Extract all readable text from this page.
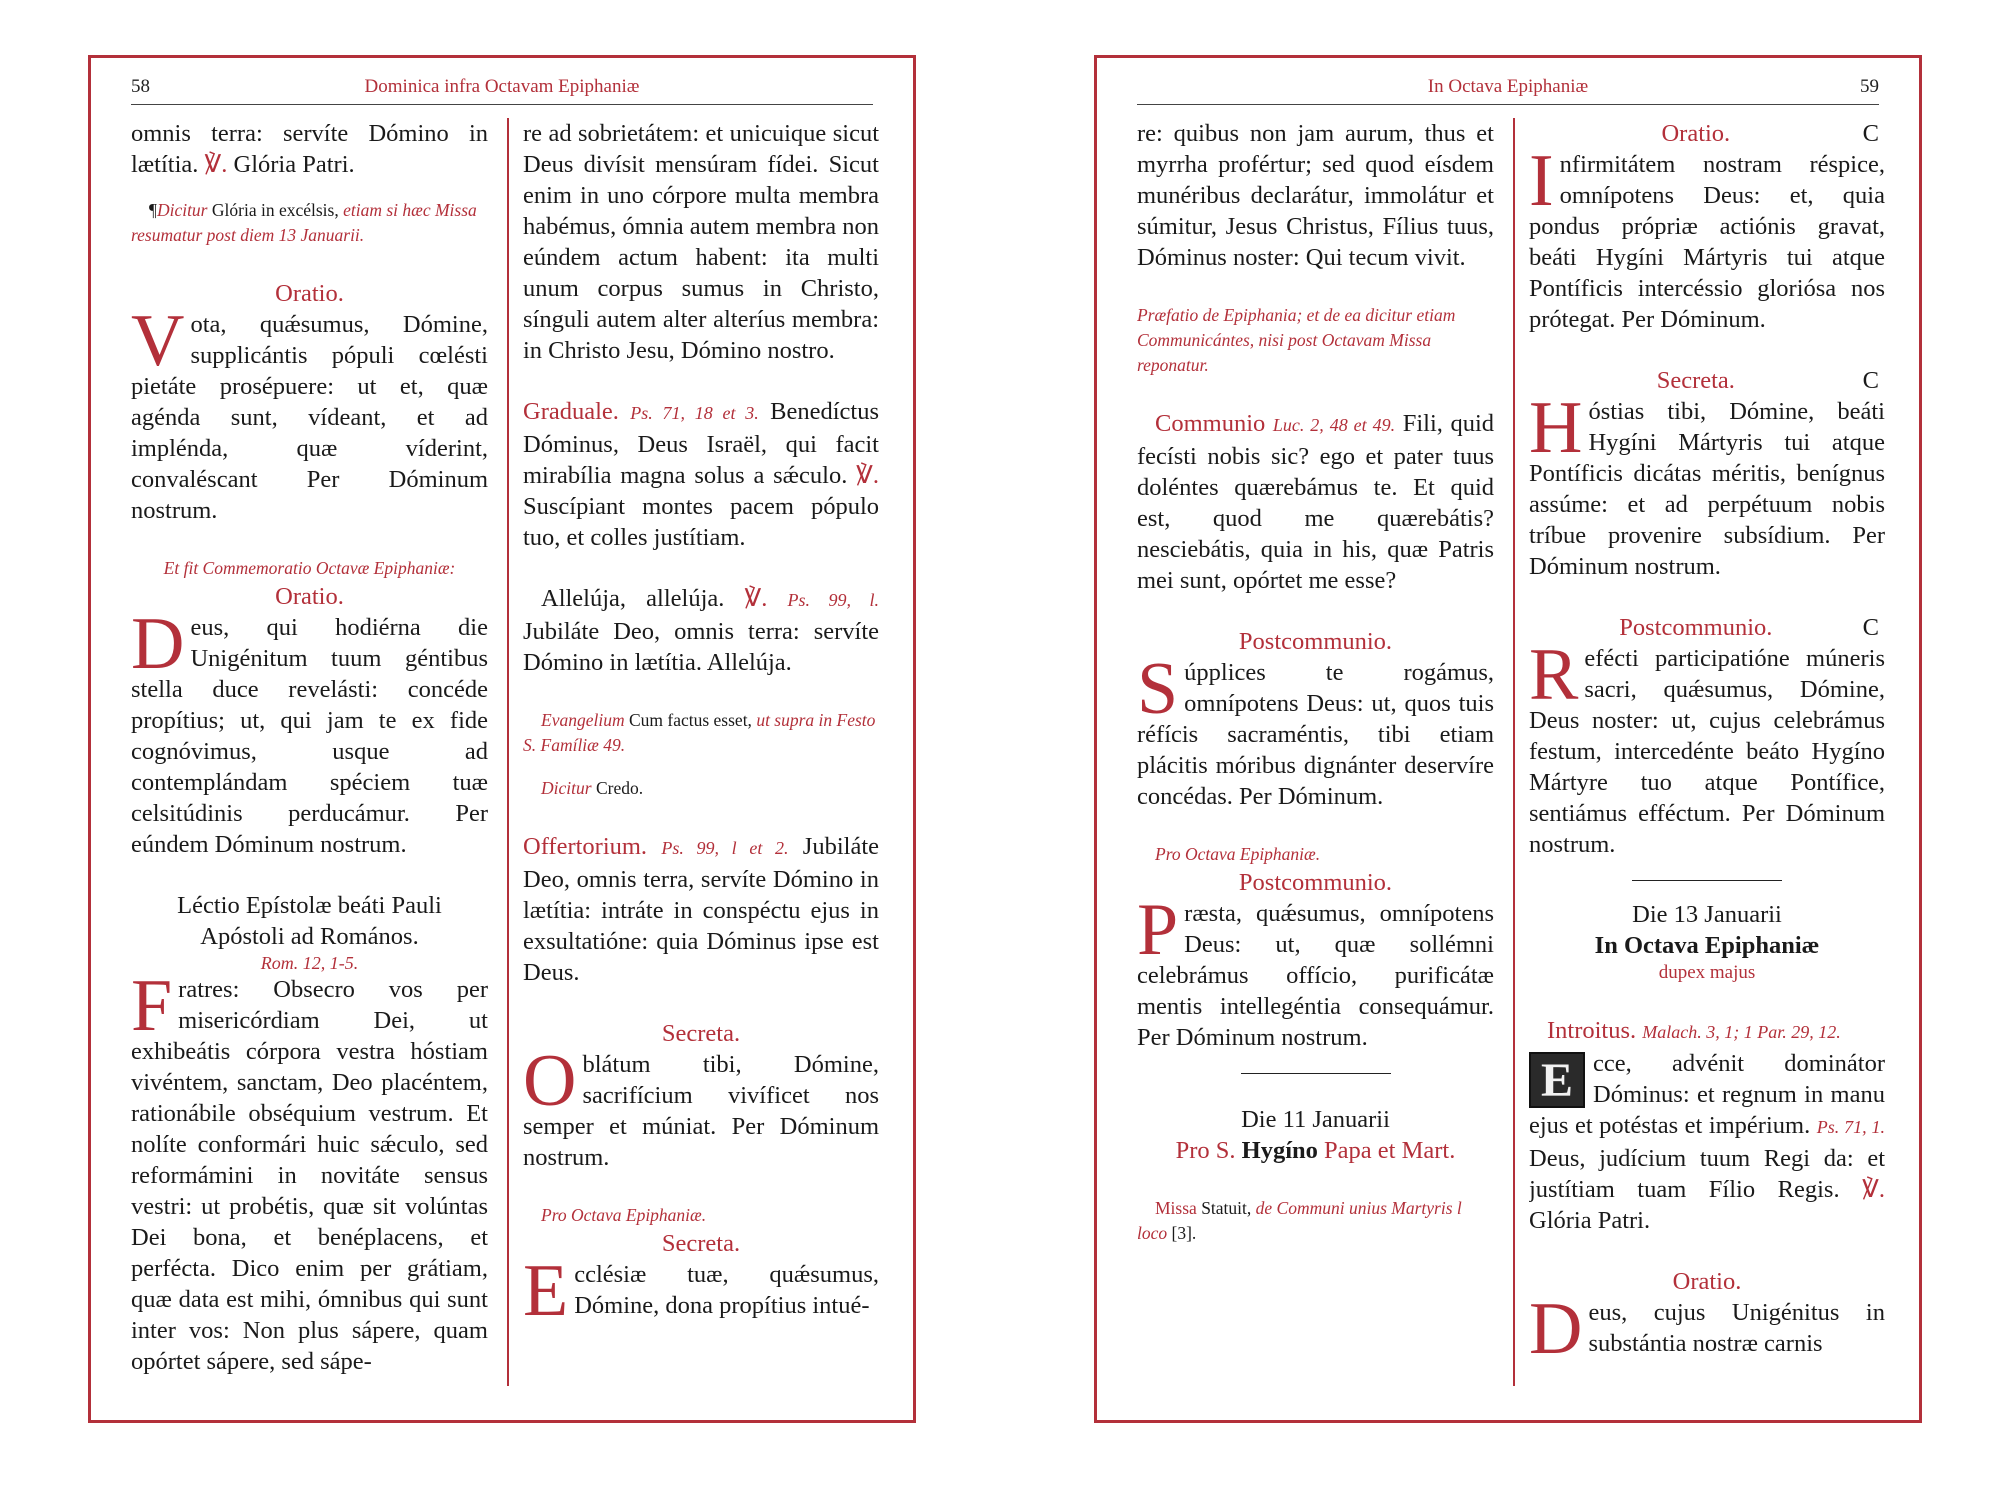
58	Dominica infra Octavam Epiphaniæ

omnis terra: servíte Dómino in lætítia. ℣. Glória Patri.

¶Dicitur Glória in excélsis, etiam si hæc Missa resumatur post diem 13 Januarii.

Oratio.

V ota, quǽsumus, Dómine, supplicántis pópuli cœlésti pietáte prosépuere: ut et, quæ agénda sunt, vídeant, et ad impléndа, quæ víderint, convaléscant Per Dóminum nostrum.

Et fit Commemoratio Octavæ Epiphaniæ:

Oratio.

D eus, qui hodiérna die Unigénitum tuum géntibus stella duce revelásti: concéde propítius; ut, qui jam te ex fide cognóvimus, usque ad contemplándam spéciem tuæ celsitúdinis perducámur. Per eúndem Dóminum nostrum.

Léctio Epístolæ beáti Pauli

Apóstoli ad Romános.

Rom. 12, 1-5.

F ratres: Obsecro vos per misericórdiam Dei, ut exhibeátis córpora vestra hóstiam vivéntem, sanctam, Deo placéntem, rationábile obséquium vestrum. Et nolíte conformári huic sǽculo, sed reformámini in novitáte sensus vestri: ut probétis, quæ sit volúntas Dei bona, et benéplacens, et perfécta. Dico enim per grátiam, quæ data est mihi, ómnibus qui sunt inter vos: Non plus sápere, quam opórtet sápere, sed sápe-

re ad sobrietátem: et unicuique sicut Deus divísit mensúram fídei. Sicut enim in uno córpore multa membra habémus, ómnia autem membra non eúndem actum habent: ita multi unum corpus sumus in Christo, sínguli autem alter altеríus membra: in Christo Jesu, Dómino nostro.

Graduale. Ps. 71, 18 et 3. Benedíctus Dóminus, Deus Israël, qui facit mirabília magna solus a sǽculo. ℣. Suscípiant montes pacem pópulo tuo, et colles justítiam.

Allelúja, allelúja. ℣. Ps. 99, l. Jubiláte Deo, omnis terra: servíte Dómino in lætítia. Allelúja.

Evangelium Cum factus esset, ut supra in Festo S. Famíliæ 49.

Dicitur Credo.

Offertorium. Ps. 99, l et 2. Jubiláte Deo, omnis terra, servíte Dómino in lætítia: intráte in conspéctu ejus in exsultatióne: quia Dóminus ipse est Deus.

Secreta.

O blátum tibi, Dómine, sacrifícium vivíficet nos semper et múniat. Per Dóminum nostrum.

Pro Octava Epiphaniæ.

Secreta.

E cclésiæ tuæ, quǽsumus, Dómine, dona propítius intué-

In Octava Epiphaniæ	59

re: quibus non jam aurum, thus et myrrha profértur; sed quod eísdem munéribus declarátur, immolátur et súmitur, Jesus Christus, Fílius tuus, Dóminus noster: Qui tecum vivit.

Præfatio de Epiphania; et de ea dicitur etiam Communicántes, nisi post Octavam Missa reponatur.

Communio Luc. 2, 48 et 49. Fili, quid fecísti nobis sic? ego et pater tuus doléntes quærebámus te. Et quid est, quod me quærebátis? nesciebátis, quia in his, quæ Patris mei sunt, opórtet me esse?

Postcommunio.

S úpplices te rogámus, omnípotens Deus: ut, quos tuis réfícis sacraméntis, tibi etiam plácitis móribus dignánter deservíre concédas. Per Dóminum.

Pro Octava Epiphaniæ.

Postcommunio.

P ræsta, quǽsumus, omnípotens Deus: ut, quæ sollémni celebrámus offício, purificátæ mentis intellegéntia consequámur. Per Dóminum nostrum.

Die 11 Januarii

Pro S. Hygíno Papa et Mart.

Missa Statuit, de Communi unius Martyris l loco [3].

C
Oratio.

I nfirmitátem nostram réspice, omnípotens Deus: et, quia pondus própriæ actiónis gravat, beáti Hygíni Mártyris tui atque Pontíficis intercéssio gloriósa nos prótegat. Per Dóminum.

C
Secreta.

H óstias tibi, Dómine, beáti Hygíni Mártyris tui atque Pontíficis dicátas méritis, benígnus assúme: et ad perpétuum nobis tríbue provenire subsídium. Per Dóminum nostrum.

C
Postcommunio.

R efécti participatióne múneris sacri, quǽsumus, Dómine, Deus noster: ut, cujus celebrámus festum, intercedénte beáto Hygíno Mártyre tuo atque Pontífice, sentiámus efféctum. Per Dóminum nostrum.

Die 13 Januarii

In Octava Epiphaniæ

dupex majus

Introitus. Malach. 3, 1; 1 Par. 29, 12.

E cce, advénit dominátor Dóminus: et regnum in manu ejus et potéstas et impérium. Ps. 71, 1. Deus, judícium tuum Regi da: et justítiam tuam Fílio Regis. ℣. Glória Patri.

Oratio.

D eus, cujus Unigénitus in substántia nostræ carnis
